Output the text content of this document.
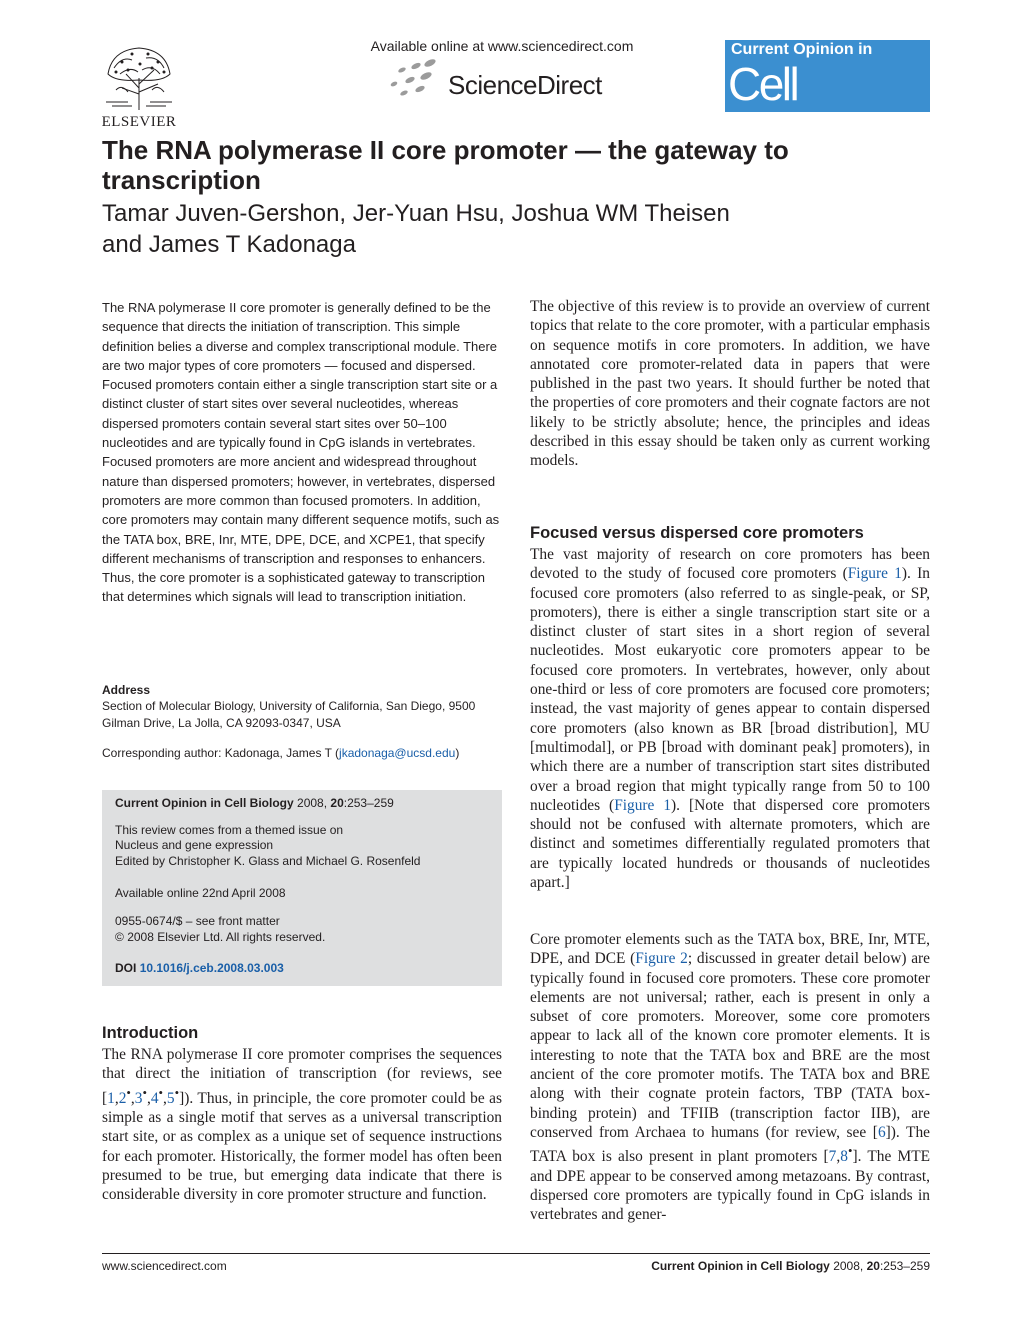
ELSEVIER
Available online at www.sciencedirect.com
ScienceDirect
Current Opinion in
Cell Biology
The RNA polymerase II core promoter — the gateway to transcription
Tamar Juven-Gershon, Jer-Yuan Hsu, Joshua WM Theisen
and James T Kadonaga
The RNA polymerase II core promoter is generally defined to be the sequence that directs the initiation of transcription. This simple definition belies a diverse and complex transcriptional module. There are two major types of core promoters — focused and dispersed. Focused promoters contain either a single transcription start site or a distinct cluster of start sites over several nucleotides, whereas dispersed promoters contain several start sites over 50–100 nucleotides and are typically found in CpG islands in vertebrates. Focused promoters are more ancient and widespread throughout nature than dispersed promoters; however, in vertebrates, dispersed promoters are more common than focused promoters. In addition, core promoters may contain many different sequence motifs, such as the TATA box, BRE, Inr, MTE, DPE, DCE, and XCPE1, that specify different mechanisms of transcription and responses to enhancers. Thus, the core promoter is a sophisticated gateway to transcription that determines which signals will lead to transcription initiation.
Address
Section of Molecular Biology, University of California, San Diego, 9500
Gilman Drive, La Jolla, CA 92093-0347, USA
Corresponding author: Kadonaga, James T (jkadonaga@ucsd.edu)
Current Opinion in Cell Biology 2008, 20:253–259
This review comes from a themed issue on
Nucleus and gene expression
Edited by Christopher K. Glass and Michael G. Rosenfeld
Available online 22nd April 2008
0955-0674/$ – see front matter
© 2008 Elsevier Ltd. All rights reserved.
DOI 10.1016/j.ceb.2008.03.003
Introduction
The RNA polymerase II core promoter comprises the sequences that direct the initiation of transcription (for reviews, see [1,2•,3•,4•,5•]). Thus, in principle, the core promoter could be as simple as a single motif that serves as a universal transcription start site, or as complex as a unique set of sequence instructions for each promoter. Historically, the former model has often been presumed to be true, but emerging data indicate that there is considerable diversity in core promoter structure and function.
The objective of this review is to provide an overview of current topics that relate to the core promoter, with a particular emphasis on sequence motifs in core promoters. In addition, we have annotated core promoter-related data in papers that were published in the past two years. It should further be noted that the properties of core promoters and their cognate factors are not likely to be strictly absolute; hence, the principles and ideas described in this essay should be taken only as current working models.
Focused versus dispersed core promoters
The vast majority of research on core promoters has been devoted to the study of focused core promoters (Figure 1). In focused core promoters (also referred to as single-peak, or SP, promoters), there is either a single transcription start site or a distinct cluster of start sites in a short region of several nucleotides. Most eukaryotic core promoters appear to be focused core promoters. In vertebrates, however, only about one-third or less of core promoters are focused core promoters; instead, the vast majority of genes appear to contain dispersed core promoters (also known as BR [broad distribution], MU [multimodal], or PB [broad with dominant peak] promoters), in which there are a number of transcription start sites distributed over a broad region that might typically range from 50 to 100 nucleotides (Figure 1). [Note that dispersed core promoters should not be confused with alternate promoters, which are distinct and sometimes differentially regulated promoters that are typically located hundreds or thousands of nucleotides apart.]
Core promoter elements such as the TATA box, BRE, Inr, MTE, DPE, and DCE (Figure 2; discussed in greater detail below) are typically found in focused core promoters. These core promoter elements are not universal; rather, each is present in only a subset of core promoters. Moreover, some core promoters appear to lack all of the known core promoter elements. It is interesting to note that the TATA box and BRE are the most ancient of the core promoter motifs. The TATA box and BRE along with their cognate protein factors, TBP (TATA box-binding protein) and TFIIB (transcription factor IIB), are conserved from Archaea to humans (for review, see [6]). The TATA box is also present in plant promoters [7,8•]. The MTE and DPE appear to be conserved among metazoans. By contrast, dispersed core promoters are typically found in CpG islands in vertebrates and gener-
www.sciencedirect.com	Current Opinion in Cell Biology 2008, 20:253–259
